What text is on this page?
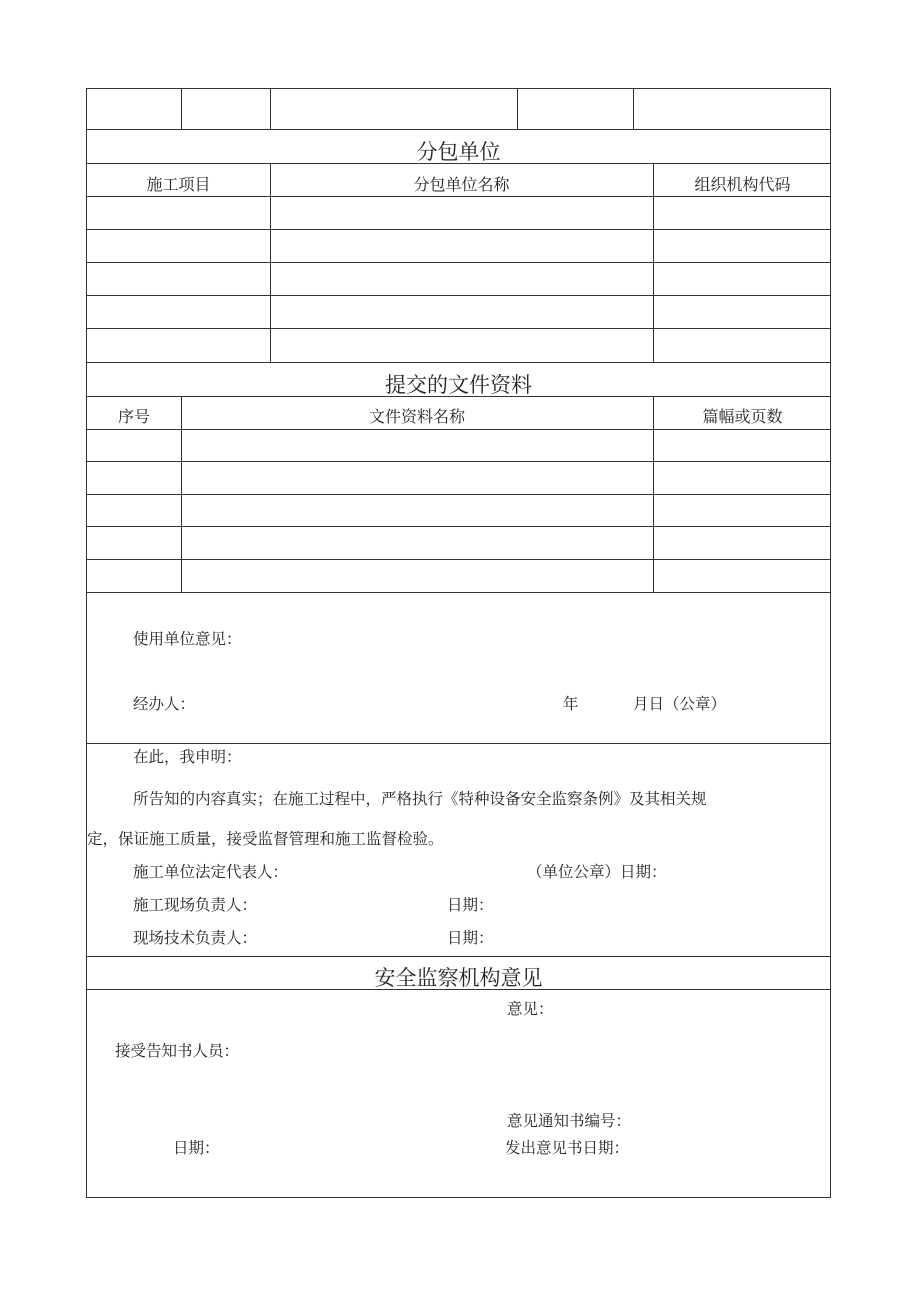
分包单位
施工项目	分包单位名称	组织机构代码
提交的文件资料
序号	文件资料名称	篇幅或页数
使用单位意见：
经办人：	年	月日（公章）
在此，我申明：
所告知的内容真实；在施工过程中，严格执行《特种设备安全监察条例》及其相关规
定，保证施工质量，接受监督管理和施工监督检验。
施工单位法定代表人：	（单位公章）日期：
施工现场负责人：	日期：
现场技术负责人：	日期：
安全监察机构意见
意见：
接受告知书人员：
意见通知书编号：
日期：	发出意见书日期：
